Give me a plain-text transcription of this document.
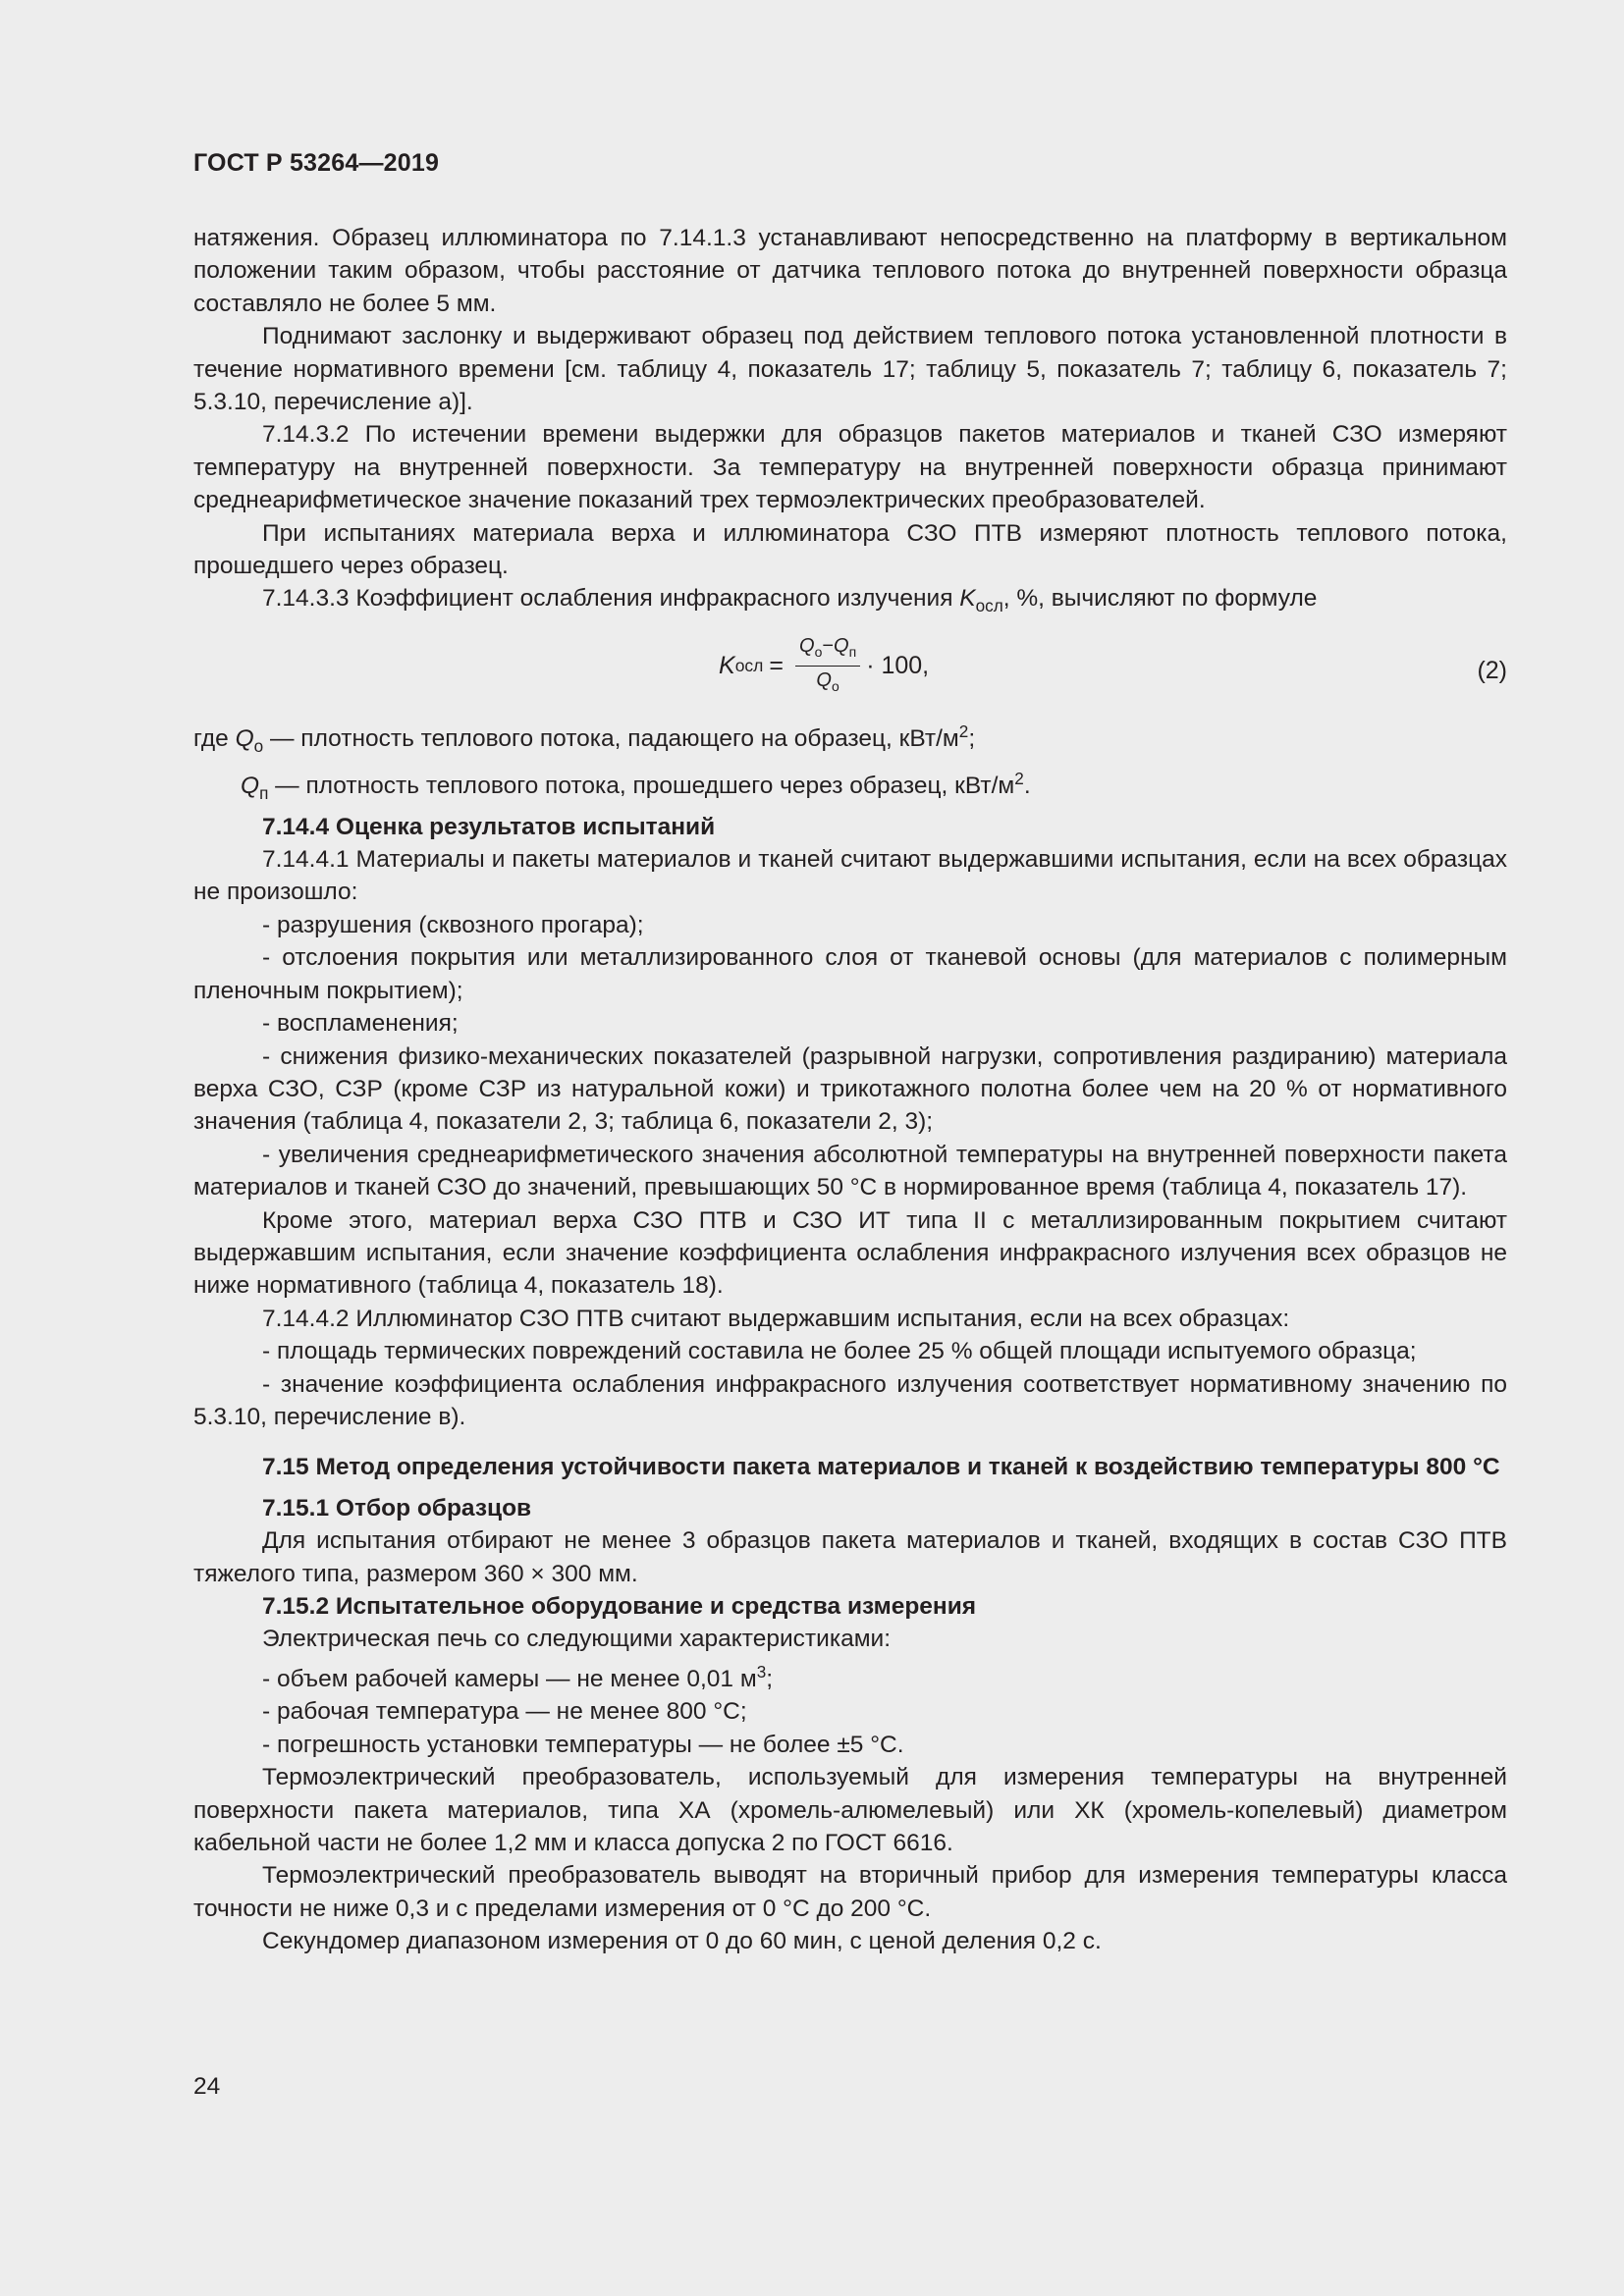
ГОСТ Р 53264—2019

натяжения. Образец иллюминатора по 7.14.1.3 устанавливают непосредственно на платформу в вертикальном положении таким образом, чтобы расстояние от датчика теплового потока до внутренней поверхности образца составляло не более 5 мм.

Поднимают заслонку и выдерживают образец под действием теплового потока установленной плотности в течение нормативного времени [см. таблицу 4, показатель 17; таблицу 5, показатель 7; таблицу 6, показатель 7; 5.3.10, перечисление а)].

7.14.3.2 По истечении времени выдержки для образцов пакетов материалов и тканей СЗО измеряют температуру на внутренней поверхности. За температуру на внутренней поверхности образца принимают среднеарифметическое значение показаний трех термоэлектрических преобразователей.

При испытаниях материала верха и иллюминатора СЗО ПТВ измеряют плотность теплового потока, прошедшего через образец.

7.14.3.3 Коэффициент ослабления инфракрасного излучения $K_{осл}$, %, вычисляют по формуле

K осл = $\frac{Q_о-Q_п}{Q_о} \cdot 100$,	(2)

где $Q_о$ — плотность теплового потока, падающего на образец, кВт/$м^2$;

$Q_п$ — плотность теплового потока, прошедшего через образец, кВт/$м^2$.

7.14.4 Оценка результатов испытаний

7.14.4.1 Материалы и пакеты материалов и тканей считают выдержавшими испытания, если на всех образцах не произошло:

- разрушения (сквозного прогара);

- отслоения покрытия или металлизированного слоя от тканевой основы (для материалов с полимерным пленочным покрытием);

- воспламенения;

- снижения физико-механических показателей (разрывной нагрузки, сопротивления раздиранию) материала верха СЗО, СЗР (кроме СЗР из натуральной кожи) и трикотажного полотна более чем на 20 % от нормативного значения (таблица 4, показатели 2, 3; таблица 6, показатели 2, 3);

- увеличения среднеарифметического значения абсолютной температуры на внутренней поверхности пакета материалов и тканей СЗО до значений, превышающих 50 °С в нормированное время (таблица 4, показатель 17).

Кроме этого, материал верха СЗО ПТВ и СЗО ИТ типа II с металлизированным покрытием считают выдержавшим испытания, если значение коэффициента ослабления инфракрасного излучения всех образцов не ниже нормативного (таблица 4, показатель 18).

7.14.4.2 Иллюминатор СЗО ПТВ считают выдержавшим испытания, если на всех образцах:

- площадь термических повреждений составила не более 25 % общей площади испытуемого образца;

- значение коэффициента ослабления инфракрасного излучения соответствует нормативному значению по 5.3.10, перечисление в).

7.15 Метод определения устойчивости пакета материалов и тканей к воздействию температуры 800 °С

7.15.1 Отбор образцов

Для испытания отбирают не менее 3 образцов пакета материалов и тканей, входящих в состав СЗО ПТВ тяжелого типа, размером 360 × 300 мм.

7.15.2 Испытательное оборудование и средства измерения

Электрическая печь со следующими характеристиками:

- объем рабочей камеры — не менее 0,01 $м^3$;

- рабочая температура — не менее 800 °С;

- погрешность установки температуры — не более ±5 °С.

Термоэлектрический преобразователь, используемый для измерения температуры на внутренней поверхности пакета материалов, типа ХА (хромель-алюмелевый) или ХК (хромель-копелевый) диаметром кабельной части не более 1,2 мм и класса допуска 2 по ГОСТ 6616.

Термоэлектрический преобразователь выводят на вторичный прибор для измерения температуры класса точности не ниже 0,3 и с пределами измерения от 0 °С до 200 °С.

Секундомер диапазоном измерения от 0 до 60 мин, с ценой деления 0,2 с.

24
